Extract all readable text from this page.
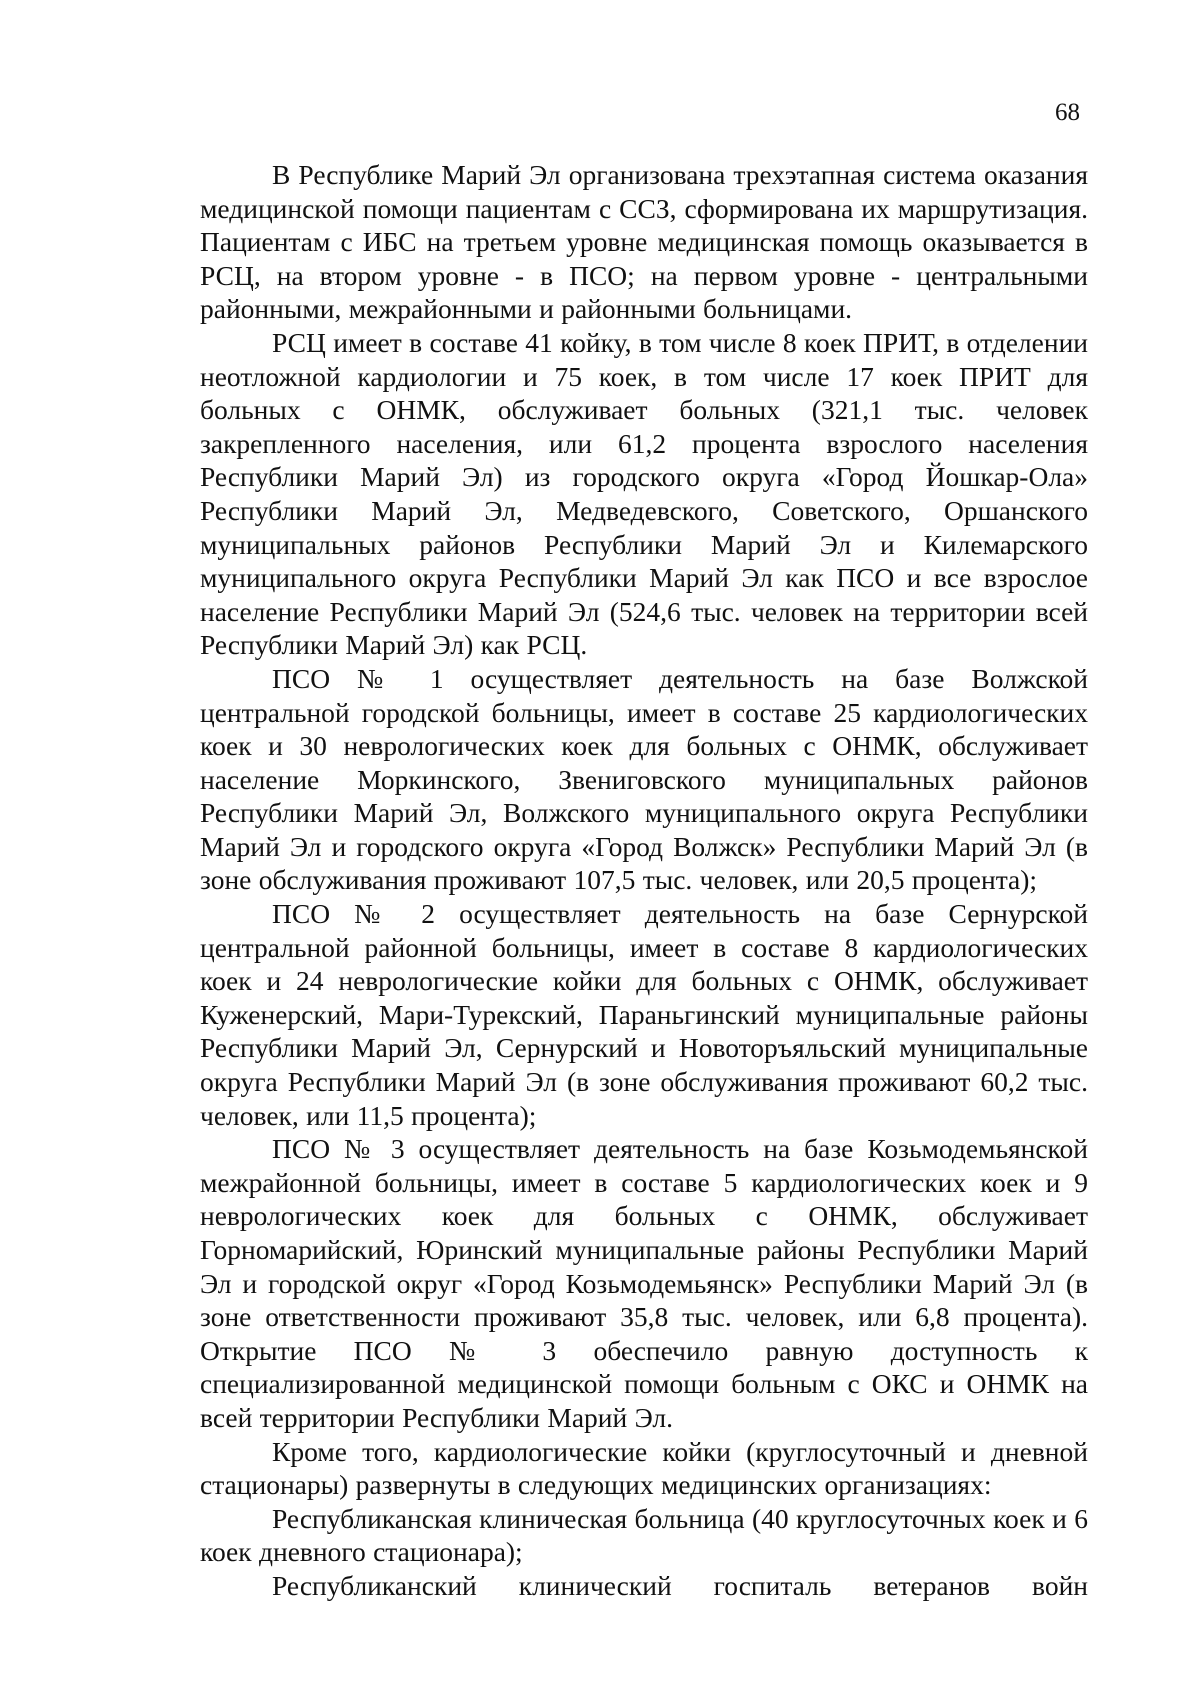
68

В Республике Марий Эл организована трехэтапная система оказания медицинской помощи пациентам с ССЗ, сформирована их маршрутизация. Пациентам с ИБС на третьем уровне медицинская помощь оказывается в РСЦ, на втором уровне - в ПСО; на первом уровне - центральными районными, межрайонными и районными больницами.

РСЦ имеет в составе 41 койку, в том числе 8 коек ПРИТ, в отделении неотложной кардиологии и 75 коек, в том числе 17 коек ПРИТ для больных с ОНМК, обслуживает больных (321,1 тыс. человек закрепленного населения, или 61,2 процента взрослого населения Республики Марий Эл) из городского округа «Город Йошкар-Ола» Республики Марий Эл, Медведевского, Советского, Оршанского муниципальных районов Республики Марий Эл и Килемарского муниципального округа Республики Марий Эл как ПСО и все взрослое население Республики Марий Эл (524,6 тыс. человек на территории всей Республики Марий Эл) как РСЦ.

ПСО № 1 осуществляет деятельность на базе Волжской центральной городской больницы, имеет в составе 25 кардиологических коек и 30 неврологических коек для больных с ОНМК, обслуживает население Моркинского, Звениговского муниципальных районов Республики Марий Эл, Волжского муниципального округа Республики Марий Эл и городского округа «Город Волжск» Республики Марий Эл (в зоне обслуживания проживают 107,5 тыс. человек, или 20,5 процента);

ПСО № 2 осуществляет деятельность на базе Сернурской центральной районной больницы, имеет в составе 8 кардиологических коек и 24 неврологические койки для больных с ОНМК, обслуживает Куженерский, Мари-Турекский, Параньгинский муниципальные районы Республики Марий Эл, Сернурский и Новоторъяльский муниципальные округа Республики Марий Эл (в зоне обслуживания проживают 60,2 тыс. человек, или 11,5 процента);

ПСО № 3 осуществляет деятельность на базе Козьмодемьянской межрайонной больницы, имеет в составе 5 кардиологических коек и 9 неврологических коек для больных с ОНМК, обслуживает Горномарийский, Юринский муниципальные районы Республики Марий Эл и городской округ «Город Козьмодемьянск» Республики Марий Эл (в зоне ответственности проживают 35,8 тыс. человек, или 6,8 процента). Открытие ПСО № 3 обеспечило равную доступность к специализированной медицинской помощи больным с ОКС и ОНМК на всей территории Республики Марий Эл.

Кроме того, кардиологические койки (круглосуточный и дневной стационары) развернуты в следующих медицинских организациях:

Республиканская клиническая больница (40 круглосуточных коек и 6 коек дневного стационара);

Республиканский клинический госпиталь ветеранов войн
